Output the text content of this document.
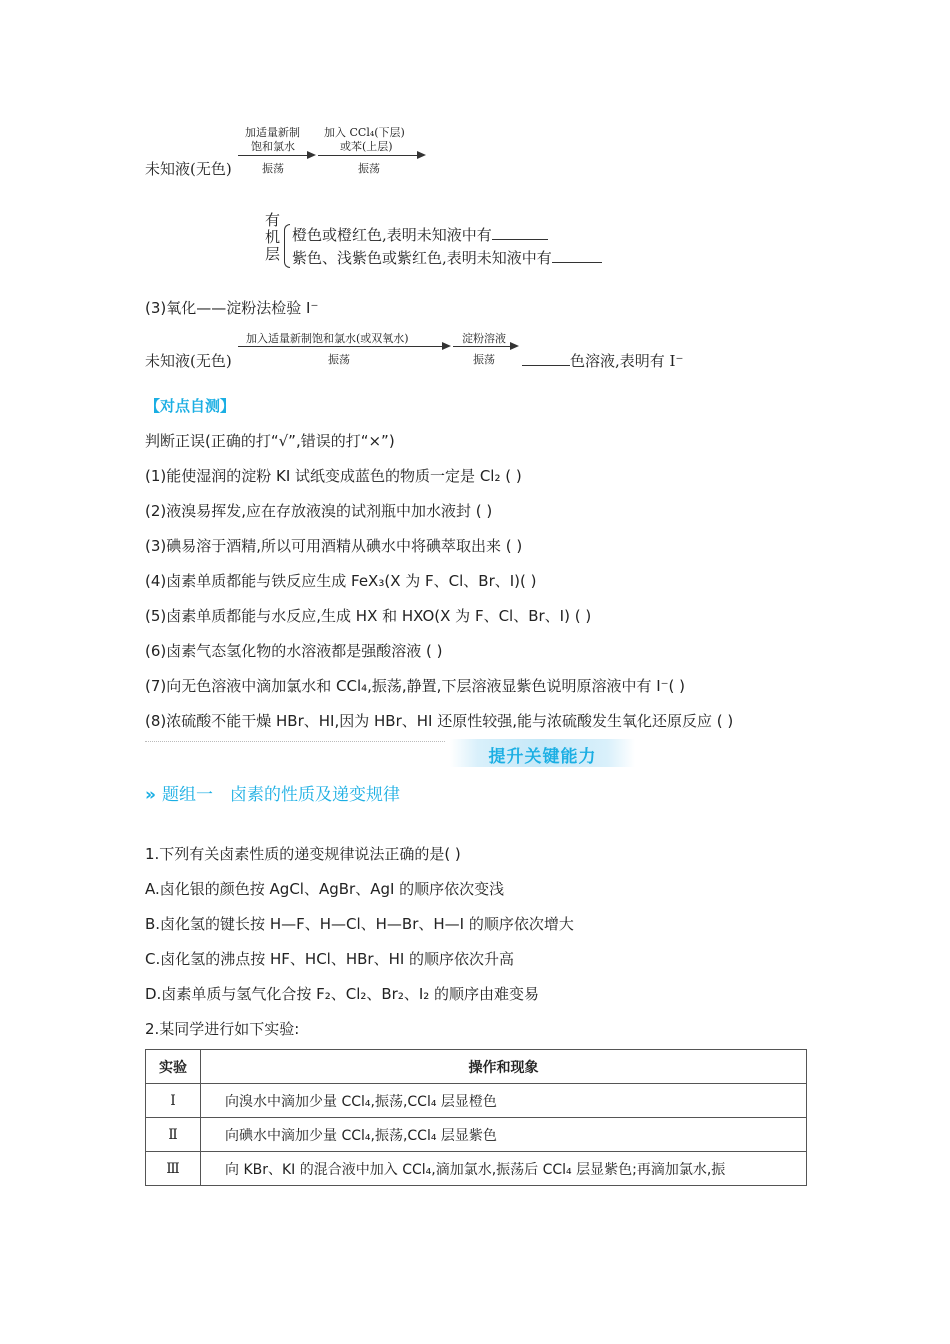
未知液(无色)
加适量新制
饱和氯水
振荡
加入 CCl₄(下层)
或苯(上层)
振荡
有
机
层
橙色或橙红色,表明未知液中有
紫色、浅紫色或紫红色,表明未知液中有
(3)氧化——淀粉法检验 I⁻
未知液(无色)
加入适量新制饱和氯水(或双氧水)
振荡
淀粉溶液
振荡	色溶液,表明有 I⁻
【对点自测】
判断正误(正确的打“√”,错误的打“×”)
(1)能使湿润的淀粉 KI 试纸变成蓝色的物质一定是 Cl₂ ( )
(2)液溴易挥发,应在存放液溴的试剂瓶中加水液封 ( )
(3)碘易溶于酒精,所以可用酒精从碘水中将碘萃取出来 ( )
(4)卤素单质都能与铁反应生成 FeX₃(X 为 F、Cl、Br、I)( )
(5)卤素单质都能与水反应,生成 HX 和 HXO(X 为 F、Cl、Br、I) ( )
(6)卤素气态氢化物的水溶液都是强酸溶液 ( )
(7)向无色溶液中滴加氯水和 CCl₄,振荡,静置,下层溶液显紫色说明原溶液中有 I⁻( )
(8)浓硫酸不能干燥 HBr、HI,因为 HBr、HI 还原性较强,能与浓硫酸发生氧化还原反应 ( )
提升关键能力
» 题组一　卤素的性质及递变规律
1.下列有关卤素性质的递变规律说法正确的是( )
A.卤化银的颜色按 AgCl、AgBr、AgI 的顺序依次变浅
B.卤化氢的键长按 H—F、H—Cl、H—Br、H—I 的顺序依次增大
C.卤化氢的沸点按 HF、HCl、HBr、HI 的顺序依次升高
D.卤素单质与氢气化合按 F₂、Cl₂、Br₂、I₂ 的顺序由难变易
2.某同学进行如下实验:
实验	操作和现象
Ⅰ	向溴水中滴加少量 CCl₄,振荡,CCl₄ 层显橙色
Ⅱ	向碘水中滴加少量 CCl₄,振荡,CCl₄ 层显紫色
Ⅲ	向 KBr、KI 的混合液中加入 CCl₄,滴加氯水,振荡后 CCl₄ 层显紫色;再滴加氯水,振
